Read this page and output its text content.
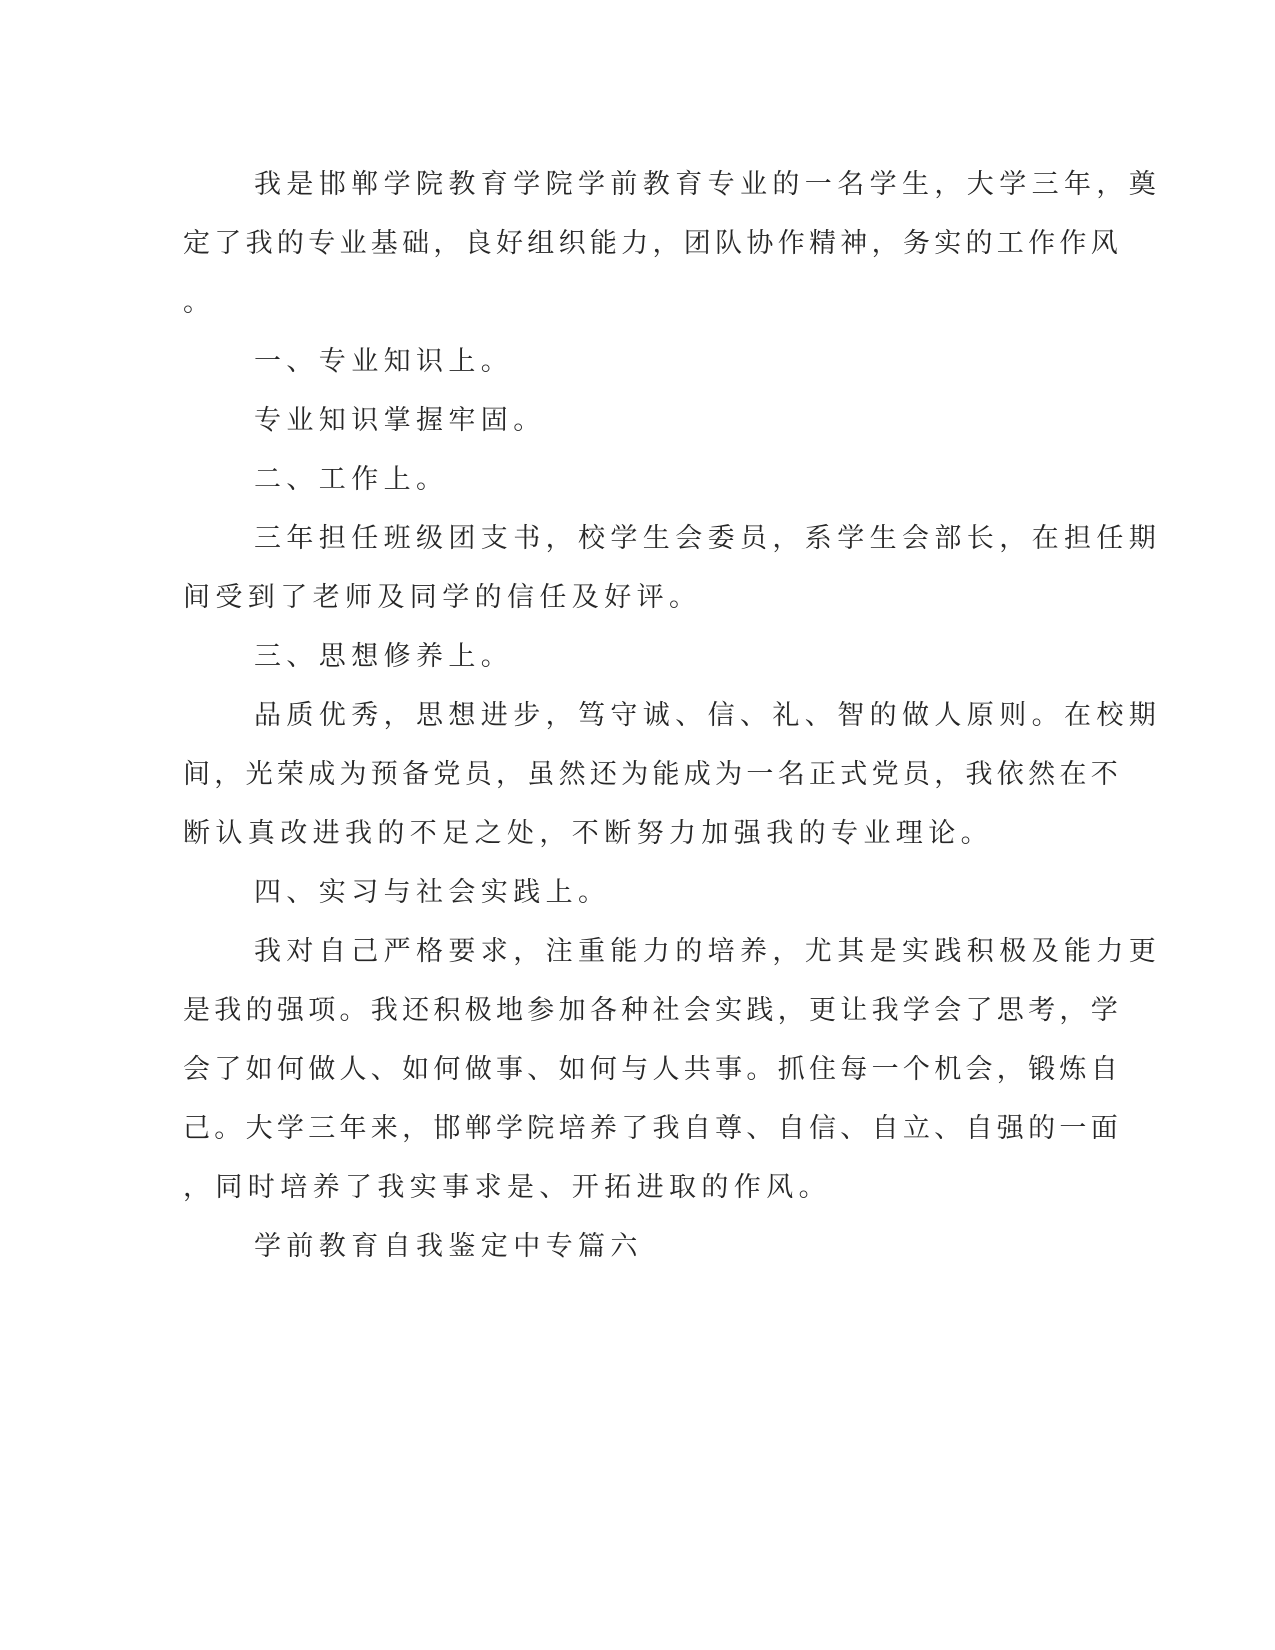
我是邯郸学院教育学院学前教育专业的一名学生，大学三年，奠
定了我的专业基础，良好组织能力，团队协作精神，务实的工作作风
。
一、专业知识上。
专业知识掌握牢固。
二、工作上。
三年担任班级团支书，校学生会委员，系学生会部长，在担任期
间受到了老师及同学的信任及好评。
三、思想修养上。
品质优秀，思想进步，笃守诚、信、礼、智的做人原则。在校期
间，光荣成为预备党员，虽然还为能成为一名正式党员，我依然在不
断认真改进我的不足之处，不断努力加强我的专业理论。
四、实习与社会实践上。
我对自己严格要求，注重能力的培养，尤其是实践积极及能力更
是我的强项。我还积极地参加各种社会实践，更让我学会了思考，学
会了如何做人、如何做事、如何与人共事。抓住每一个机会，锻炼自
己。大学三年来，邯郸学院培养了我自尊、自信、自立、自强的一面
，同时培养了我实事求是、开拓进取的作风。
学前教育自我鉴定中专篇六
